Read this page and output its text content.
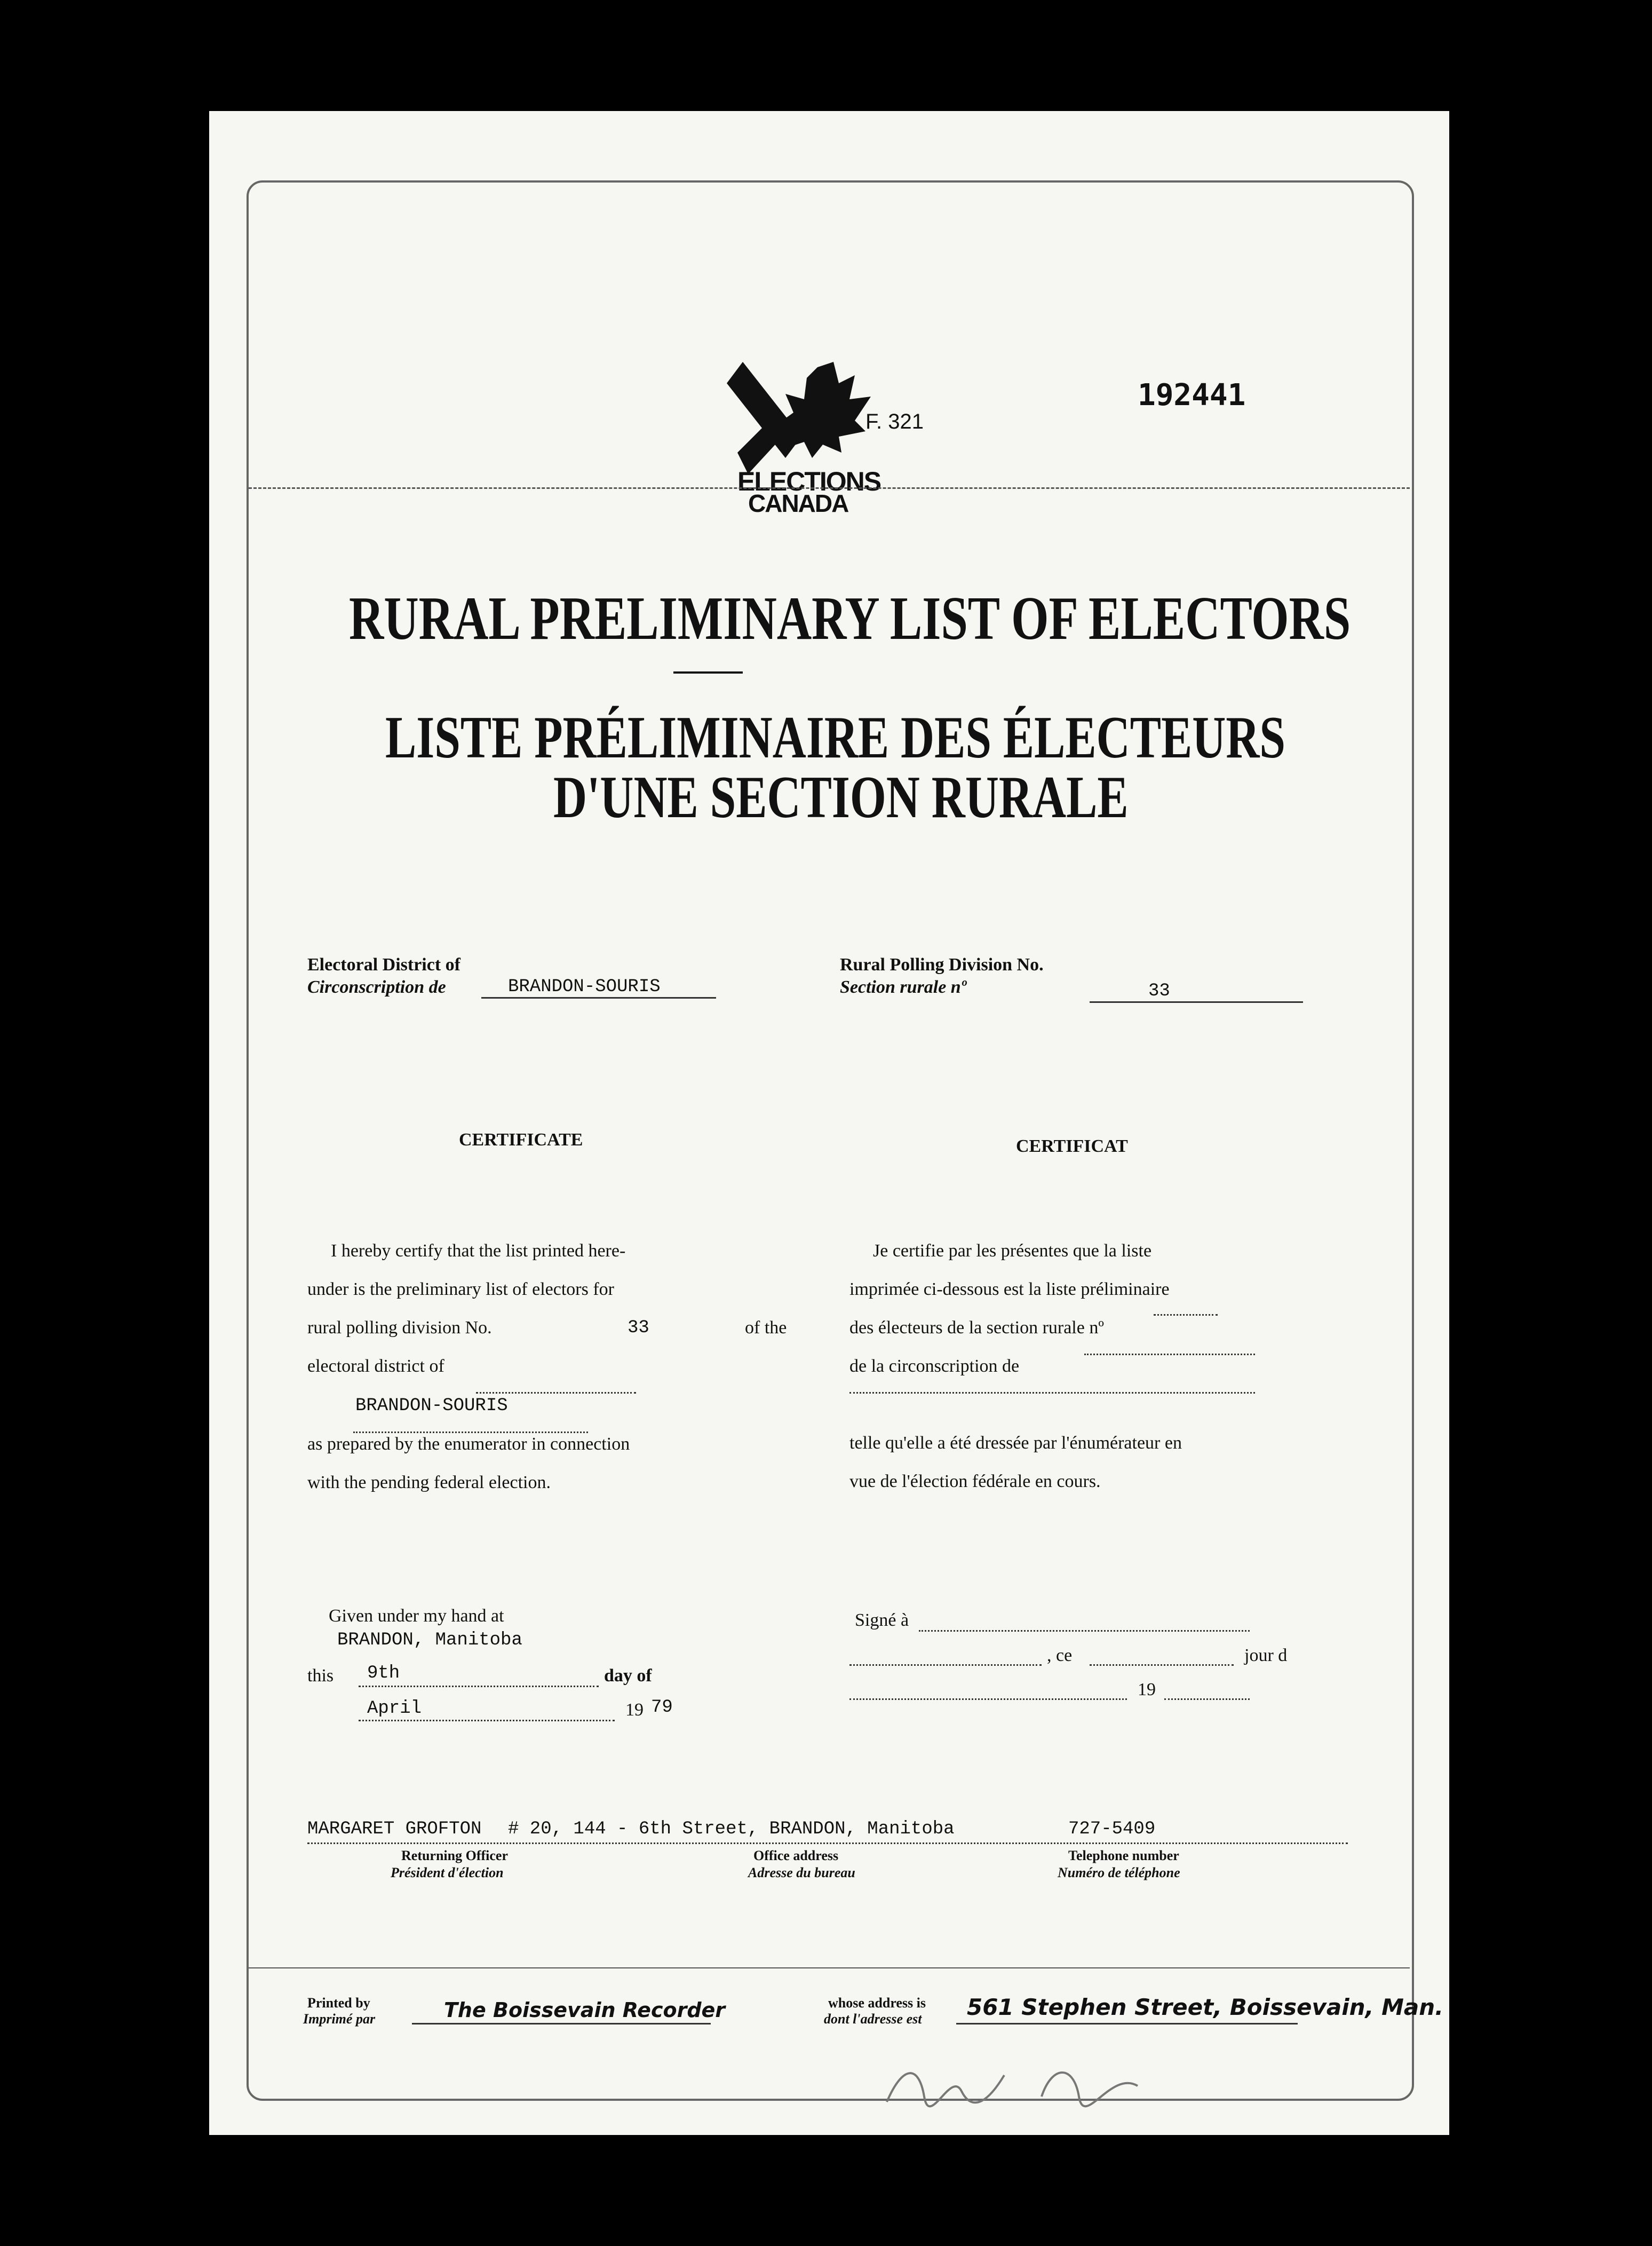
ELECTIONS
CANADA
F. 321
192441
RURAL PRELIMINARY LIST OF ELECTORS
LISTE PRÉLIMINAIRE DES ÉLECTEURS
D'UNE SECTION RURALE
Electoral District of
Circonscription de	BRANDON-SOURIS
Rural Polling Division No.
Section rurale nº	33
CERTIFICATE
I hereby certify that the list printed here-
under is the preliminary list of electors for
rural polling division No.	33	of the
electoral district of
BRANDON-SOURIS
as prepared by the enumerator in connection
with the pending federal election.
Given under my hand at
BRANDON, Manitoba
this 9th	day of
April	19 79
CERTIFICAT
Je certifie par les présentes que la liste
imprimée ci-dessous est la liste préliminaire
des électeurs de la section rurale nº
de la circonscription de
telle qu'elle a été dressée par l'énumérateur en
vue de l'élection fédérale en cours.
Signé à
, ce	jour d
19
MARGARET GROFTON # 20, 144 - 6th Street, BRANDON, Manitoba	727-5409
Returning Officer
Président d'élection
Office address
Adresse du bureau
Telephone number
Numéro de téléphone
Printed by
Imprimé par	The Boissevain Recorder	whose address is
dont l'adresse est 561 Stephen Street, Boissevain, Man.
